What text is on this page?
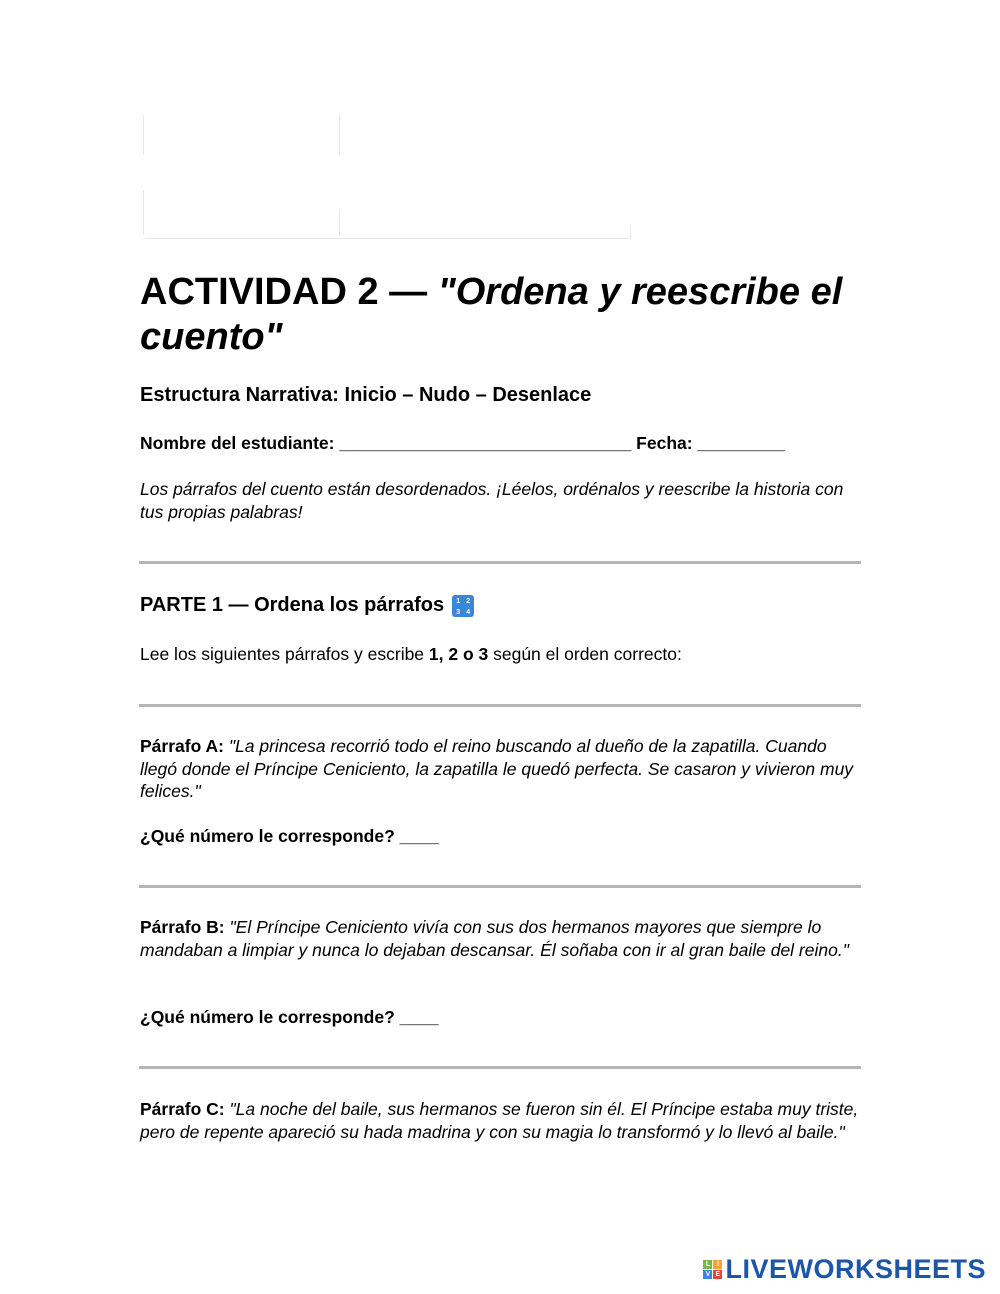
ACTIVIDAD 2 — "Ordena y reescribe el cuento"
Estructura Narrativa: Inicio – Nudo – Desenlace
Nombre del estudiante: ______________________________ Fecha: _________
Los párrafos del cuento están desordenados. ¡Léelos, ordénalos y reescribe la historia con tus propias palabras!
PARTE 1 — Ordena los párrafos	1 2
3 4
Lee los siguientes párrafos y escribe 1, 2 o 3 según el orden correcto:
Párrafo A: "La princesa recorrió todo el reino buscando al dueño de la zapatilla. Cuando llegó donde el Príncipe Ceniciento, la zapatilla le quedó perfecta. Se casaron y vivieron muy felices."
¿Qué número le corresponde? ____
Párrafo B: "El Príncipe Ceniciento vivía con sus dos hermanos mayores que siempre lo mandaban a limpiar y nunca lo dejaban descansar. Él soñaba con ir al gran baile del reino."
¿Qué número le corresponde? ____
Párrafo C: "La noche del baile, sus hermanos se fueron sin él. El Príncipe estaba muy triste, pero de repente apareció su hada madrina y con su magia lo transformó y lo llevó al baile."
L I
V E LIVEWORKSHEETS
